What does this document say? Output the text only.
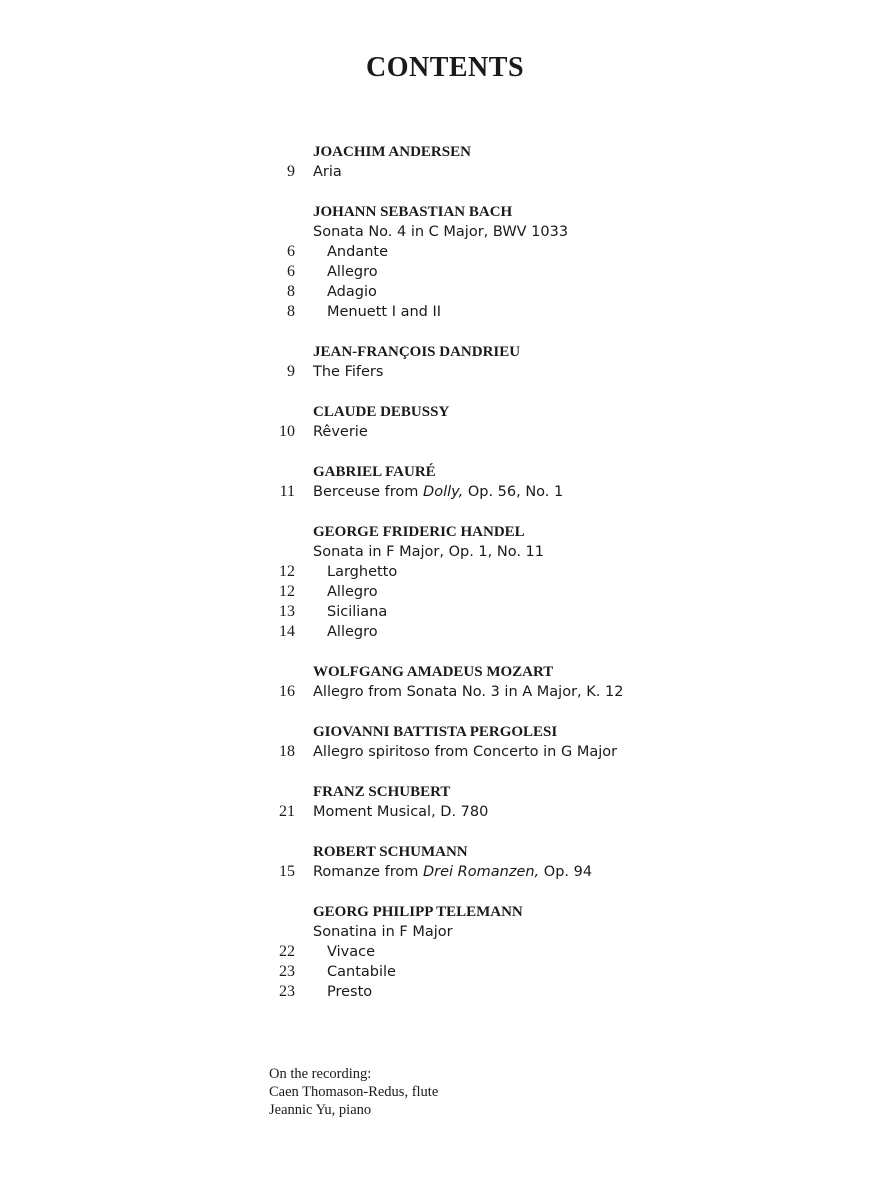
CONTENTS
JOACHIM ANDERSEN
9 Aria
JOHANN SEBASTIAN BACH
Sonata No. 4 in C Major, BWV 1033
6 Andante
6 Allegro
8 Adagio
8 Menuett I and II
JEAN-FRANÇOIS DANDRIEU
9 The Fifers
CLAUDE DEBUSSY
10 Rêverie
GABRIEL FAURÉ
11 Berceuse from Dolly, Op. 56, No. 1
GEORGE FRIDERIC HANDEL
Sonata in F Major, Op. 1, No. 11
12 Larghetto
12 Allegro
13 Siciliana
14 Allegro
WOLFGANG AMADEUS MOZART
16 Allegro from Sonata No. 3 in A Major, K. 12
GIOVANNI BATTISTA PERGOLESI
18 Allegro spiritoso from Concerto in G Major
FRANZ SCHUBERT
21 Moment Musical, D. 780
ROBERT SCHUMANN
15 Romanze from Drei Romanzen, Op. 94
GEORG PHILIPP TELEMANN
Sonatina in F Major
22 Vivace
23 Cantabile
23 Presto
On the recording:
Caen Thomason-Redus, flute
Jeannic Yu, piano
